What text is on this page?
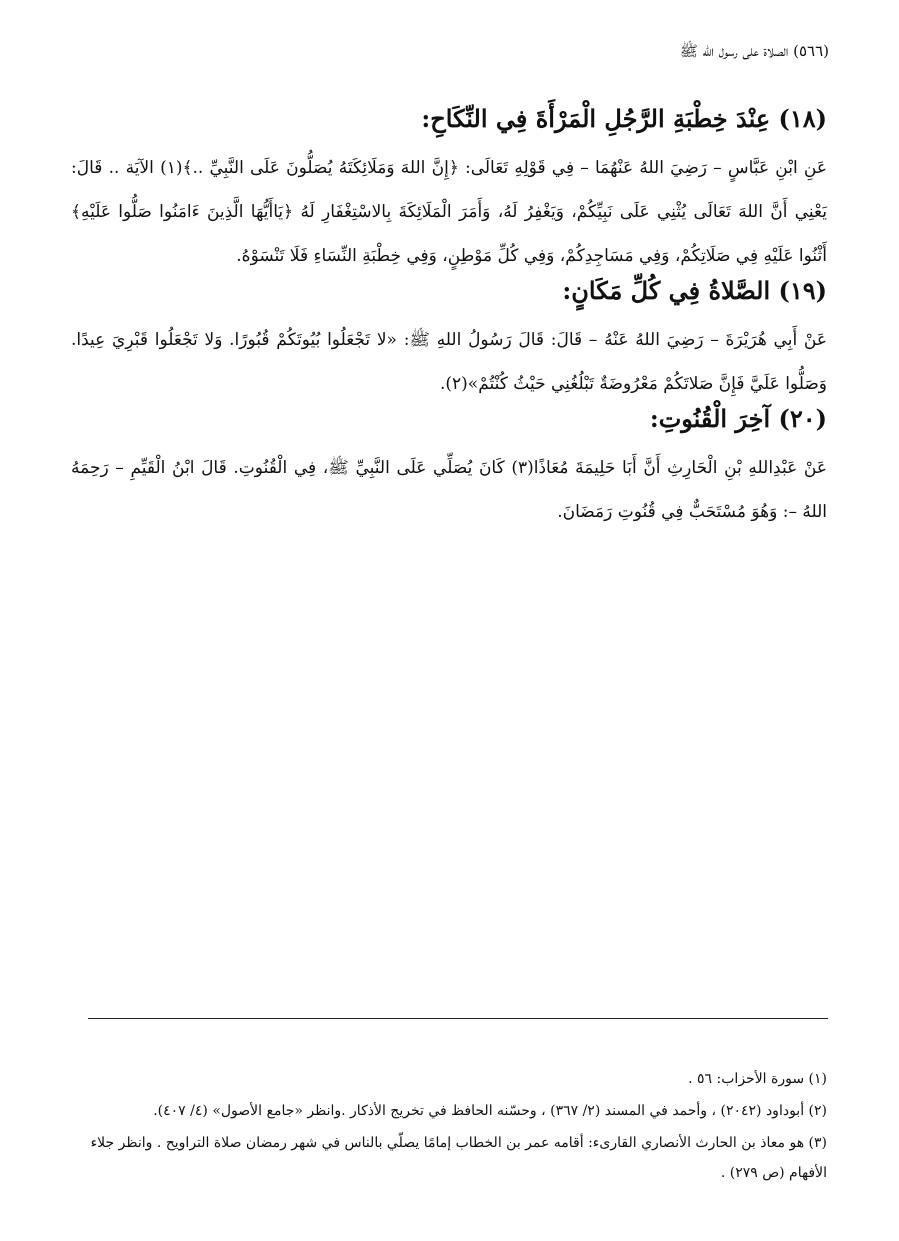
(٥٦٦) الصلاة على رسول الله ﷺ
(١٨) عِنْدَ خِطْبَةِ الرَّجُلِ الْمَرْأَةَ فِي النِّكَاحِ:
عَنِ ابْنِ عَبَّاسٍ – رَضِيَ اللهُ عَنْهُمَا – فِي قَوْلِهِ تَعَالَى: ﴿إِنَّ اللهَ وَمَلَائِكَتَهُ يُصَلُّونَ عَلَى النَّبِيِّ ..﴾(١) الآيَة .. قَالَ: يَعْنِي أَنَّ اللهَ تَعَالَى يُثْنِي عَلَى نَبِيِّكُمْ، وَيَغْفِرُ لَهُ، وَأَمَرَ الْمَلَائِكَةَ بِالاسْتِغْفَارِ لَهُ ﴿يَاأَيُّهَا الَّذِينَ ءَامَنُوا صَلُّوا عَلَيْهِ﴾ أَثْنُوا عَلَيْهِ فِي صَلَاتِكُمْ، وَفِي مَسَاجِدِكُمْ، وَفِي كُلِّ مَوْطِنٍ، وَفِي خِطْبَةِ النِّسَاءِ فَلَا تَنْسَوْهُ.
(١٩) الصَّلاةُ فِي كُلِّ مَكَانٍ:
عَنْ أَبِي هُرَيْرَةَ – رَضِيَ اللهُ عَنْهُ – قَالَ: قَالَ رَسُولُ اللهِ ﷺ: «لا تَجْعَلُوا بُيُوتَكُمْ قُبُورًا. وَلا تَجْعَلُوا قَبْرِيَ عِيدًا. وَصَلُّوا عَلَيَّ فَإِنَّ صَلاتَكُمْ مَعْرُوضَةٌ تَبْلُغُنِي حَيْثُ كُنْتُمْ»(٢).
(٢٠) آخِرَ الْقُنُوتِ:
عَنْ عَبْدِاللهِ بْنِ الْحَارِثِ أَنَّ أَبَا حَلِيمَةَ مُعَاذًا(٣) كَانَ يُصَلِّي عَلَى النَّبِيِّ ﷺ، فِي الْقُنُوتِ. قَالَ ابْنُ الْقَيِّمِ – رَحِمَهُ اللهُ –: وَهُوَ مُسْتَحَبٌّ فِي قُنُوتِ رَمَضَانَ.
(١) سورة الأحزاب: ٥٦ .
(٢) أبوداود (٢٠٤٢) ، وأحمد في المسند (٢/ ٣٦٧) ، وحسّنه الحافظ في تخريج الأذكار .وانظر «جامع الأصول» (٤/ ٤٠٧).
(٣) هو معاذ بن الحارث الأنصاري القارىء: أقامه عمر بن الخطاب إمامًا يصلّي بالناس في شهر رمضان صلاة التراويح . وانظر جلاء الأفهام (ص ٢٧٩) .
